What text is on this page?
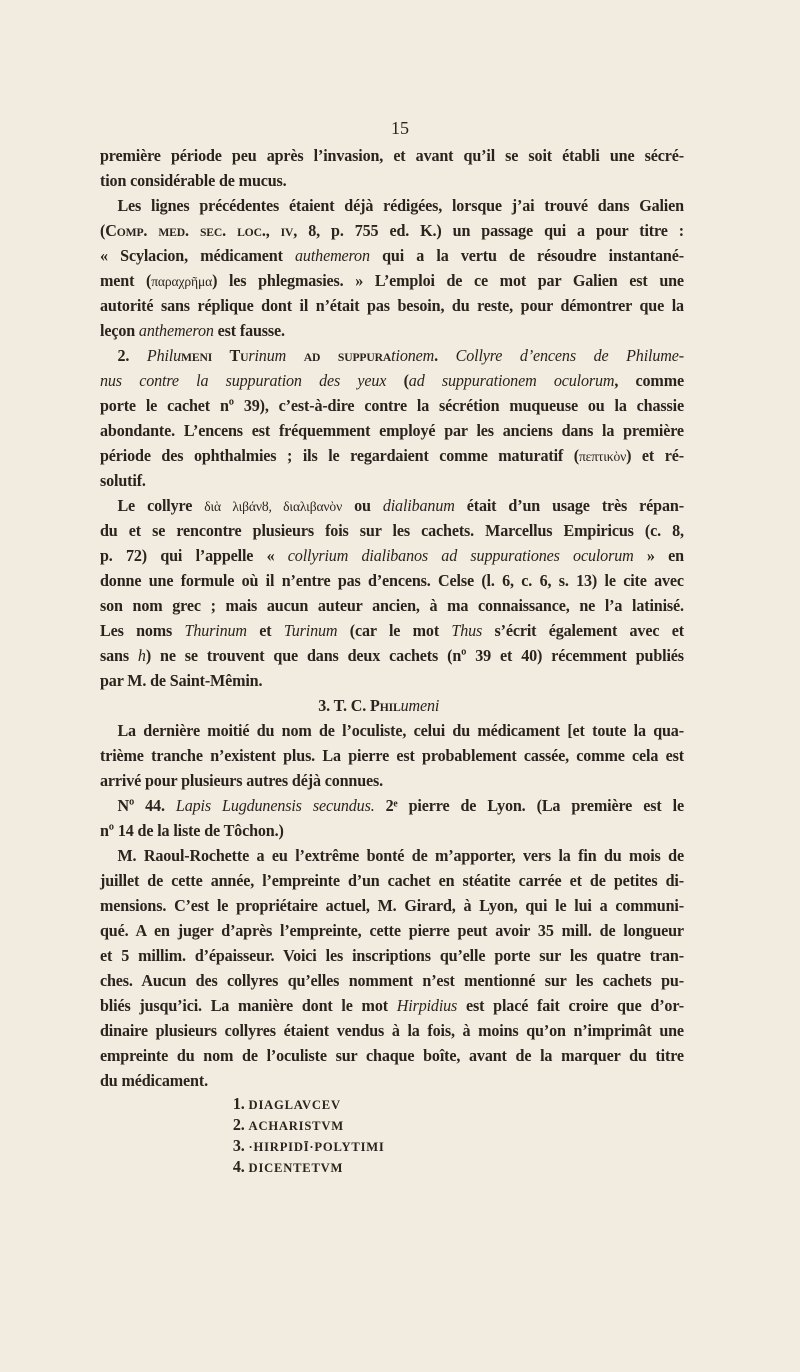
15
première période peu après l’invasion, et avant qu’il se soit établi une sécré-
tion considérable de mucus.
Les lignes précédentes étaient déjà rédigées, lorsque j’ai trouvé dans Galien
(Comp. med. sec. loc., iv, 8, p. 755 ed. K.) un passage qui a pour titre :
« Scylacion, médicament authemeron qui a la vertu de résoudre instantané-
ment (παραχρῆμα) les phlegmasies. » L’emploi de ce mot par Galien est une
autorité sans réplique dont il n’était pas besoin, du reste, pour démontrer que la
leçon anthemeron est fausse.
2. Philumeni Turinum ad suppurationem. Collyre d’encens de Philume-
nus contre la suppuration des yeux (ad suppurationem oculorum, comme
porte le cachet nº 39), c’est-à-dire contre la sécrétion muqueuse ou la chassie
abondante. L’encens est fréquemment employé par les anciens dans la première
période des ophthalmies ; ils le regardaient comme maturatif (πεπτικὸν) et ré-
solutif.
Le collyre διὰ λιβάνȣ, διαλιβανὸν ou dialibanum était d’un usage très répan-
du et se rencontre plusieurs fois sur les cachets. Marcellus Empiricus (c. 8,
p. 72) qui l’appelle « collyrium dialibanos ad suppurationes oculorum » en
donne une formule où il n’entre pas d’encens. Celse (l. 6, c. 6, s. 13) le cite avec
son nom grec ; mais aucun auteur ancien, à ma connaissance, ne l’a latinisé.
Les noms Thurinum et Turinum (car le mot Thus s’écrit également avec et
sans h) ne se trouvent que dans deux cachets (nº 39 et 40) récemment publiés
par M. de Saint-Mêmin.
3. T. C. Philumeni
La dernière moitié du nom de l’oculiste, celui du médicament [et toute la qua-
trième tranche n’existent plus. La pierre est probablement cassée, comme cela est
arrivé pour plusieurs autres déjà connues.
Nº 44. Lapis Lugdunensis secundus. 2ᵉ pierre de Lyon. (La première est le
nº 14 de la liste de Tôchon.)
M. Raoul-Rochette a eu l’extrême bonté de m’apporter, vers la fin du mois de
juillet de cette année, l’empreinte d’un cachet en stéatite carrée et de petites di-
mensions. C’est le propriétaire actuel, M. Girard, à Lyon, qui le lui a communi-
qué. A en juger d’après l’empreinte, cette pierre peut avoir 35 mill. de longueur
et 5 millim. d’épaisseur. Voici les inscriptions qu’elle porte sur les quatre tran-
ches. Aucun des collyres qu’elles nomment n’est mentionné sur les cachets pu-
bliés jusqu’ici. La manière dont le mot Hirpidius est placé fait croire que d’or-
dinaire plusieurs collyres étaient vendus à la fois, à moins qu’on n’imprimât une
empreinte du nom de l’oculiste sur chaque boîte, avant de la marquer du titre
du médicament.
1. DIAGLAVCEV
2. ACHARISTVM
3. ·HIRPIDĪ·POLYTIMI
4. DICENTETVM
